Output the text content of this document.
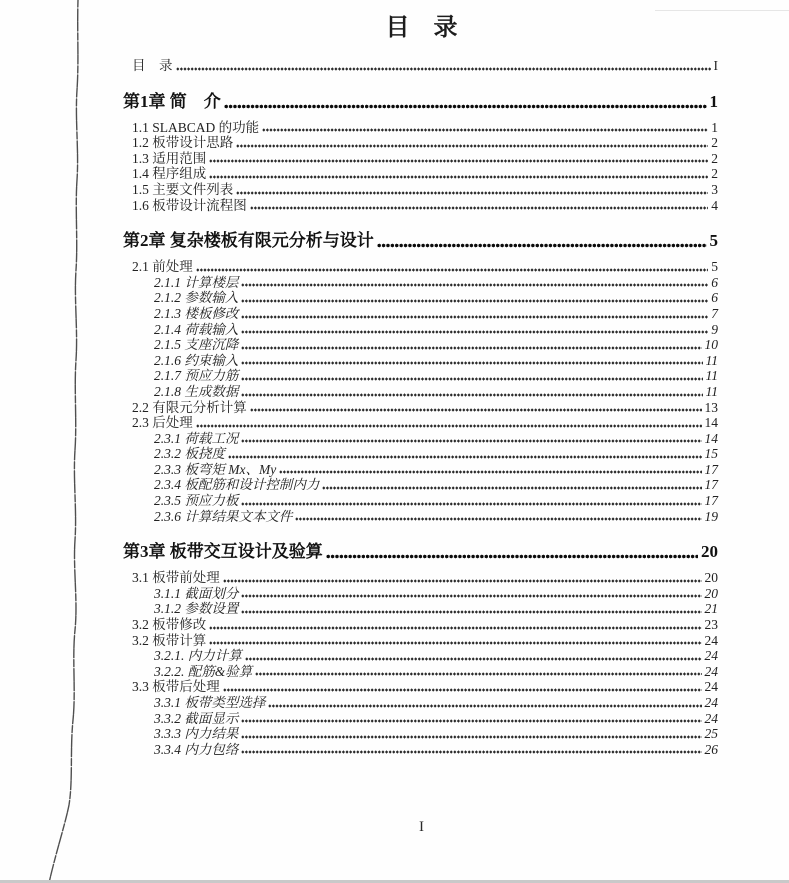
目　录
目　录	I
第1章 简　介	1
1.1 SLABCAD 的功能	1
1.2 板带设计思路	2
1.3 适用范围	2
1.4 程序组成	2
1.5 主要文件列表	3
1.6 板带设计流程图	4
第2章 复杂楼板有限元分析与设计	5
2.1 前处理	5
2.1.1 计算楼层	6
2.1.2 参数输入	6
2.1.3 楼板修改	7
2.1.4 荷载输入	9
2.1.5 支座沉降	10
2.1.6 约束输入	11
2.1.7 预应力筋	11
2.1.8 生成数据	11
2.2 有限元分析计算	13
2.3 后处理	14
2.3.1 荷载工况	14
2.3.2 板挠度	15
2.3.3 板弯矩 Mx、My	17
2.3.4 板配筋和设计控制内力	17
2.3.5 预应力板	17
2.3.6 计算结果文本文件	19
第3章 板带交互设计及验算	20
3.1 板带前处理	20
3.1.1 截面划分	20
3.1.2 参数设置	21
3.2 板带修改	23
3.2 板带计算	24
3.2.1. 内力计算	24
3.2.2. 配筋&验算	24
3.3 板带后处理	24
3.3.1 板带类型选择	24
3.3.2 截面显示	24
3.3.3 内力结果	25
3.3.4 内力包络	26
I
